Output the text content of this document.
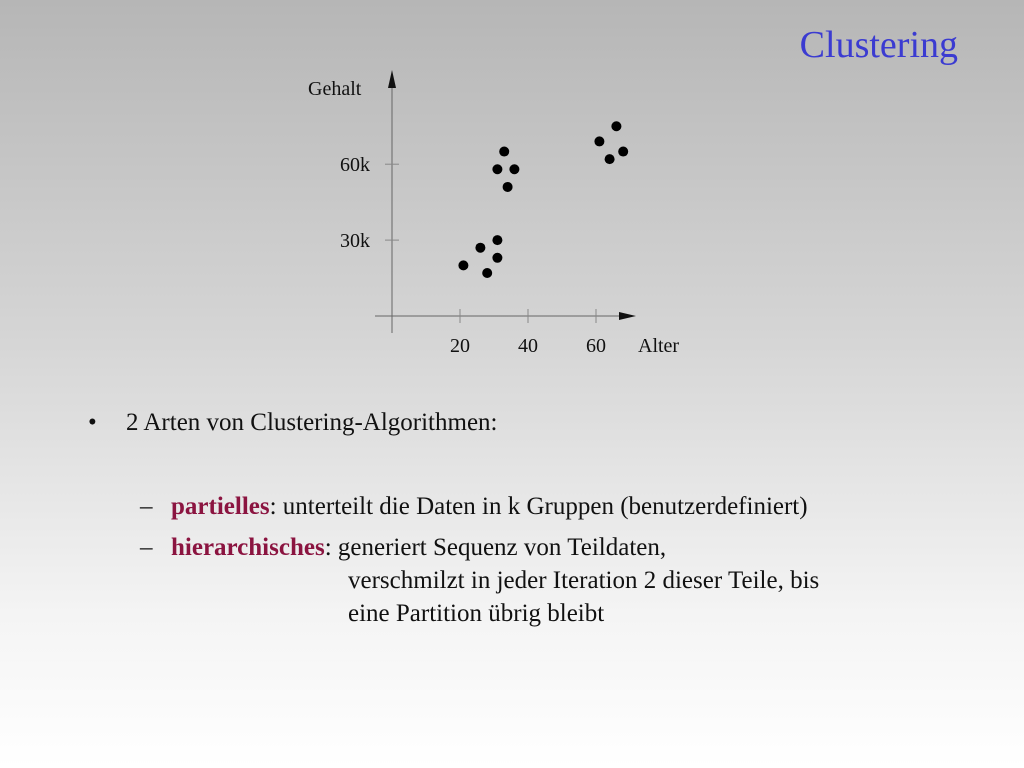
Clustering
Gehalt
Alter
20 40 60
30k
60k
• 2 Arten von Clustering-Algorithmen:
– partielles: unterteilt die Daten in k Gruppen (benutzerdefiniert)
– hierarchisches: generiert Sequenz von Teildaten,
verschmilzt in jeder Iteration 2 dieser Teile, bis
eine Partition übrig bleibt
